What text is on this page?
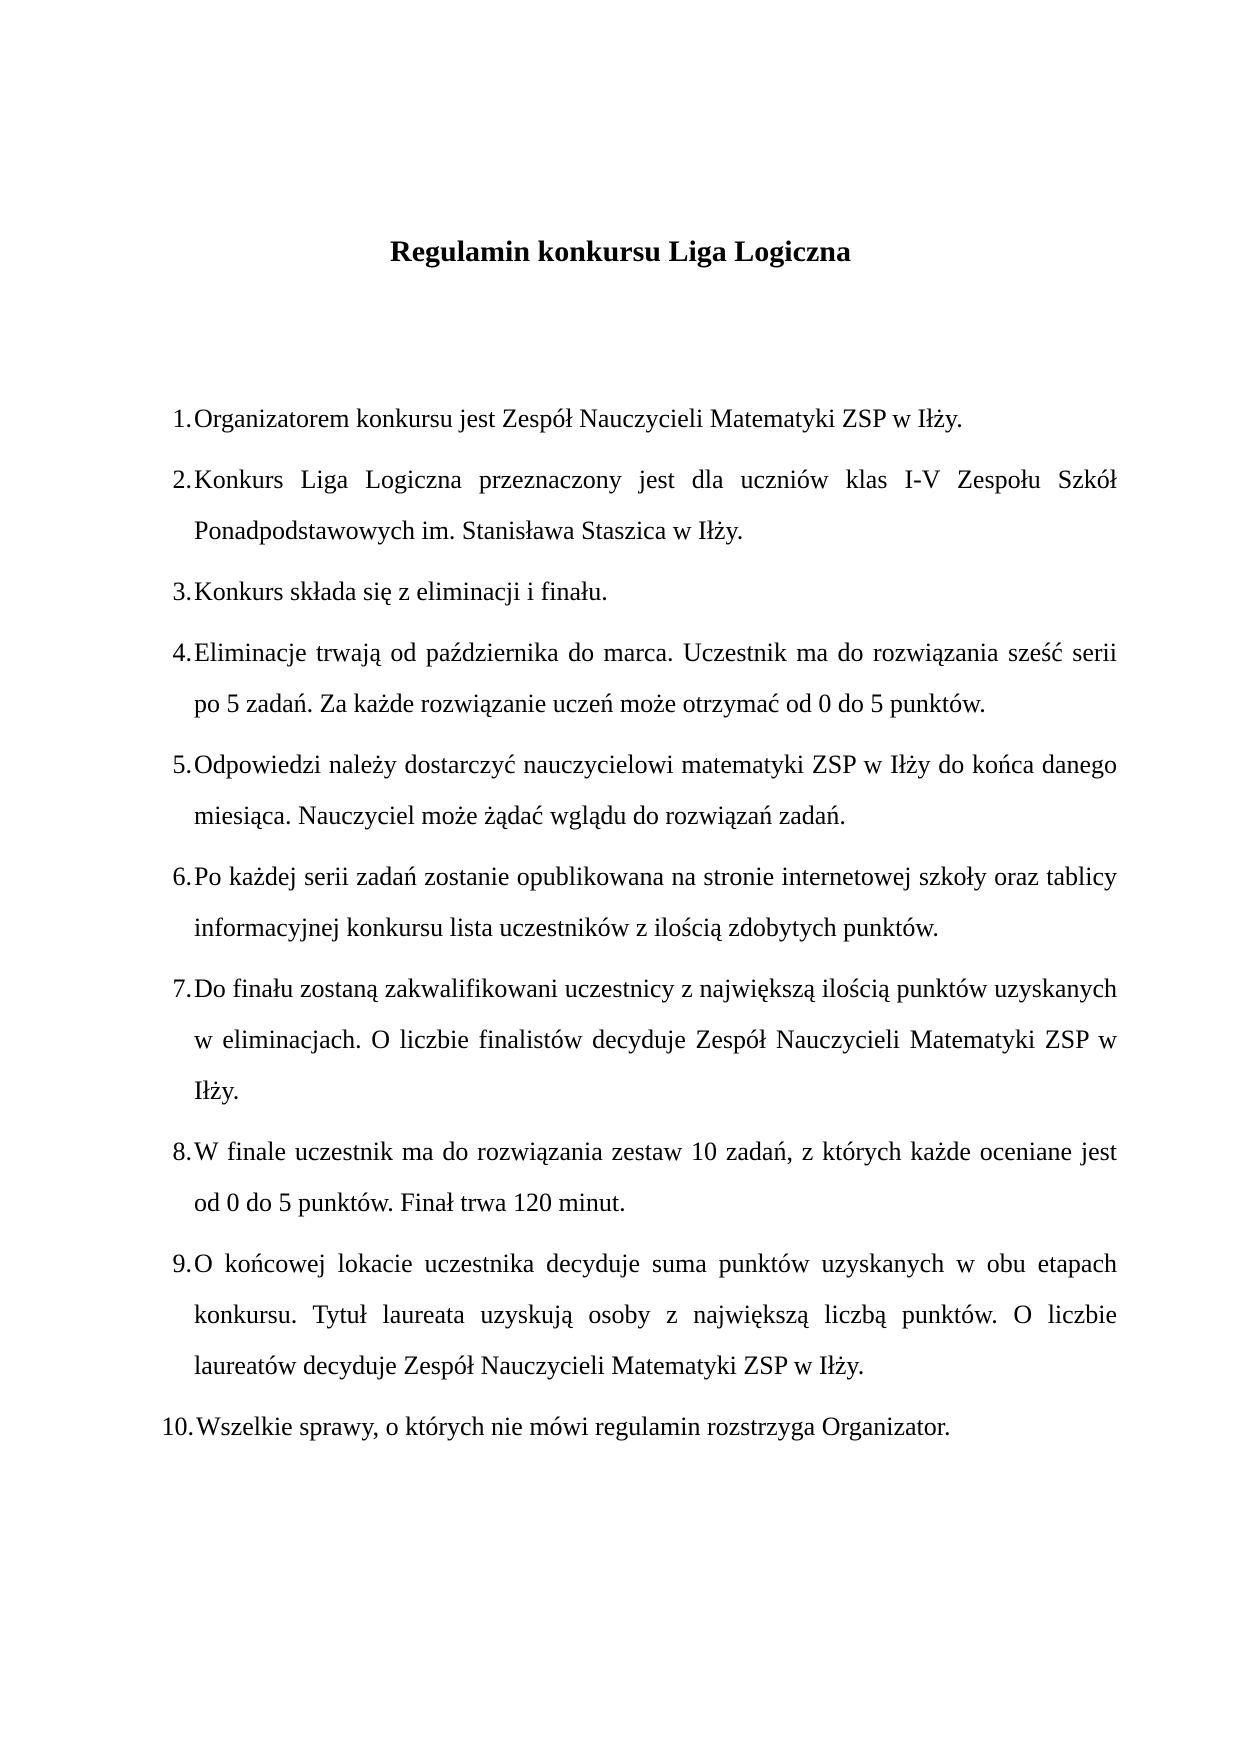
Regulamin konkursu Liga Logiczna
1. Organizatorem konkursu jest Zespół Nauczycieli Matematyki ZSP w Iłży.
2. Konkurs Liga Logiczna przeznaczony jest dla uczniów klas I-V Zespołu Szkół Ponadpodstawowych im. Stanisława Staszica w Iłży.
3. Konkurs składa się z eliminacji i finału.
4. Eliminacje trwają od października do marca. Uczestnik ma do rozwiązania sześć serii po 5 zadań. Za każde rozwiązanie uczeń może otrzymać od 0 do 5 punktów.
5. Odpowiedzi należy dostarczyć nauczycielowi matematyki ZSP w Iłży do końca danego miesiąca. Nauczyciel może żądać wglądu do rozwiązań zadań.
6. Po każdej serii zadań zostanie opublikowana na stronie internetowej szkoły oraz tablicy informacyjnej konkursu lista uczestników z ilością zdobytych punktów.
7. Do finału zostaną zakwalifikowani uczestnicy z największą ilością punktów uzyskanych w eliminacjach. O liczbie finalistów decyduje Zespół Nauczycieli Matematyki ZSP w Iłży.
8. W finale uczestnik ma do rozwiązania zestaw 10 zadań, z których każde oceniane jest od 0 do 5 punktów. Finał trwa 120 minut.
9. O końcowej lokacie uczestnika decyduje suma punktów uzyskanych w obu etapach konkursu. Tytuł laureata uzyskują osoby z największą liczbą punktów. O liczbie laureatów decyduje Zespół Nauczycieli Matematyki ZSP w Iłży.
10. Wszelkie sprawy, o których nie mówi regulamin rozstrzyga Organizator.
